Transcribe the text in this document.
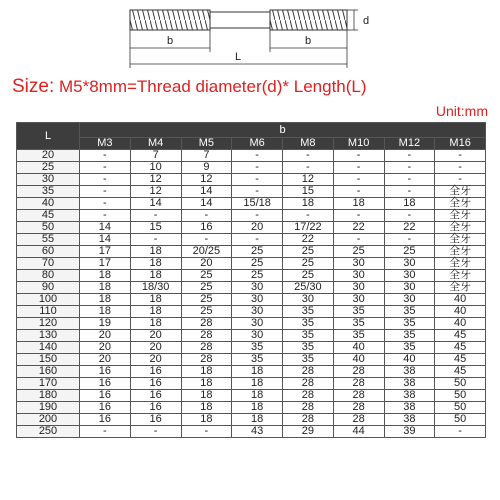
b	b
L
d
Size: M5*8mm=Thread diameter(d)* Length(L)
Unit:mm
L	b							
	M3	M4	M5	M6	M8	M10	M12	M16
20	-	7	7	-	-	-	-	-
25	-	10	9	-	-	-	-	-
30	-	12	12	-	12	-	-	-
35	-	12	14	-	15	-	-	全牙
40	-	14	14	15/18	18	18	18	全牙
45	-	-	-	-	-	-	-	全牙
50	14	15	16	20	17/22	22	22	全牙
55	14	-	-	-	22	-	-	全牙
60	17	18	20/25	25	25	25	25	全牙
70	17	18	20	25	25	30	30	全牙
80	18	18	25	25	25	30	30	全牙
90	18	18/30	25	30	25/30	30	30	全牙
100	18	18	25	30	30	30	30	40
110	18	18	25	30	35	35	35	40
120	19	18	28	30	35	35	35	40
130	20	20	28	30	35	35	35	45
140	20	20	28	35	35	40	35	45
150	20	20	28	35	35	40	40	45
160	16	16	18	18	28	28	38	45
170	16	16	18	18	28	28	38	50
180	16	16	18	18	28	28	38	50
190	16	16	18	18	28	28	38	50
200	16	16	18	18	28	28	38	50
250	-	-	-	43	29	44	39	-
